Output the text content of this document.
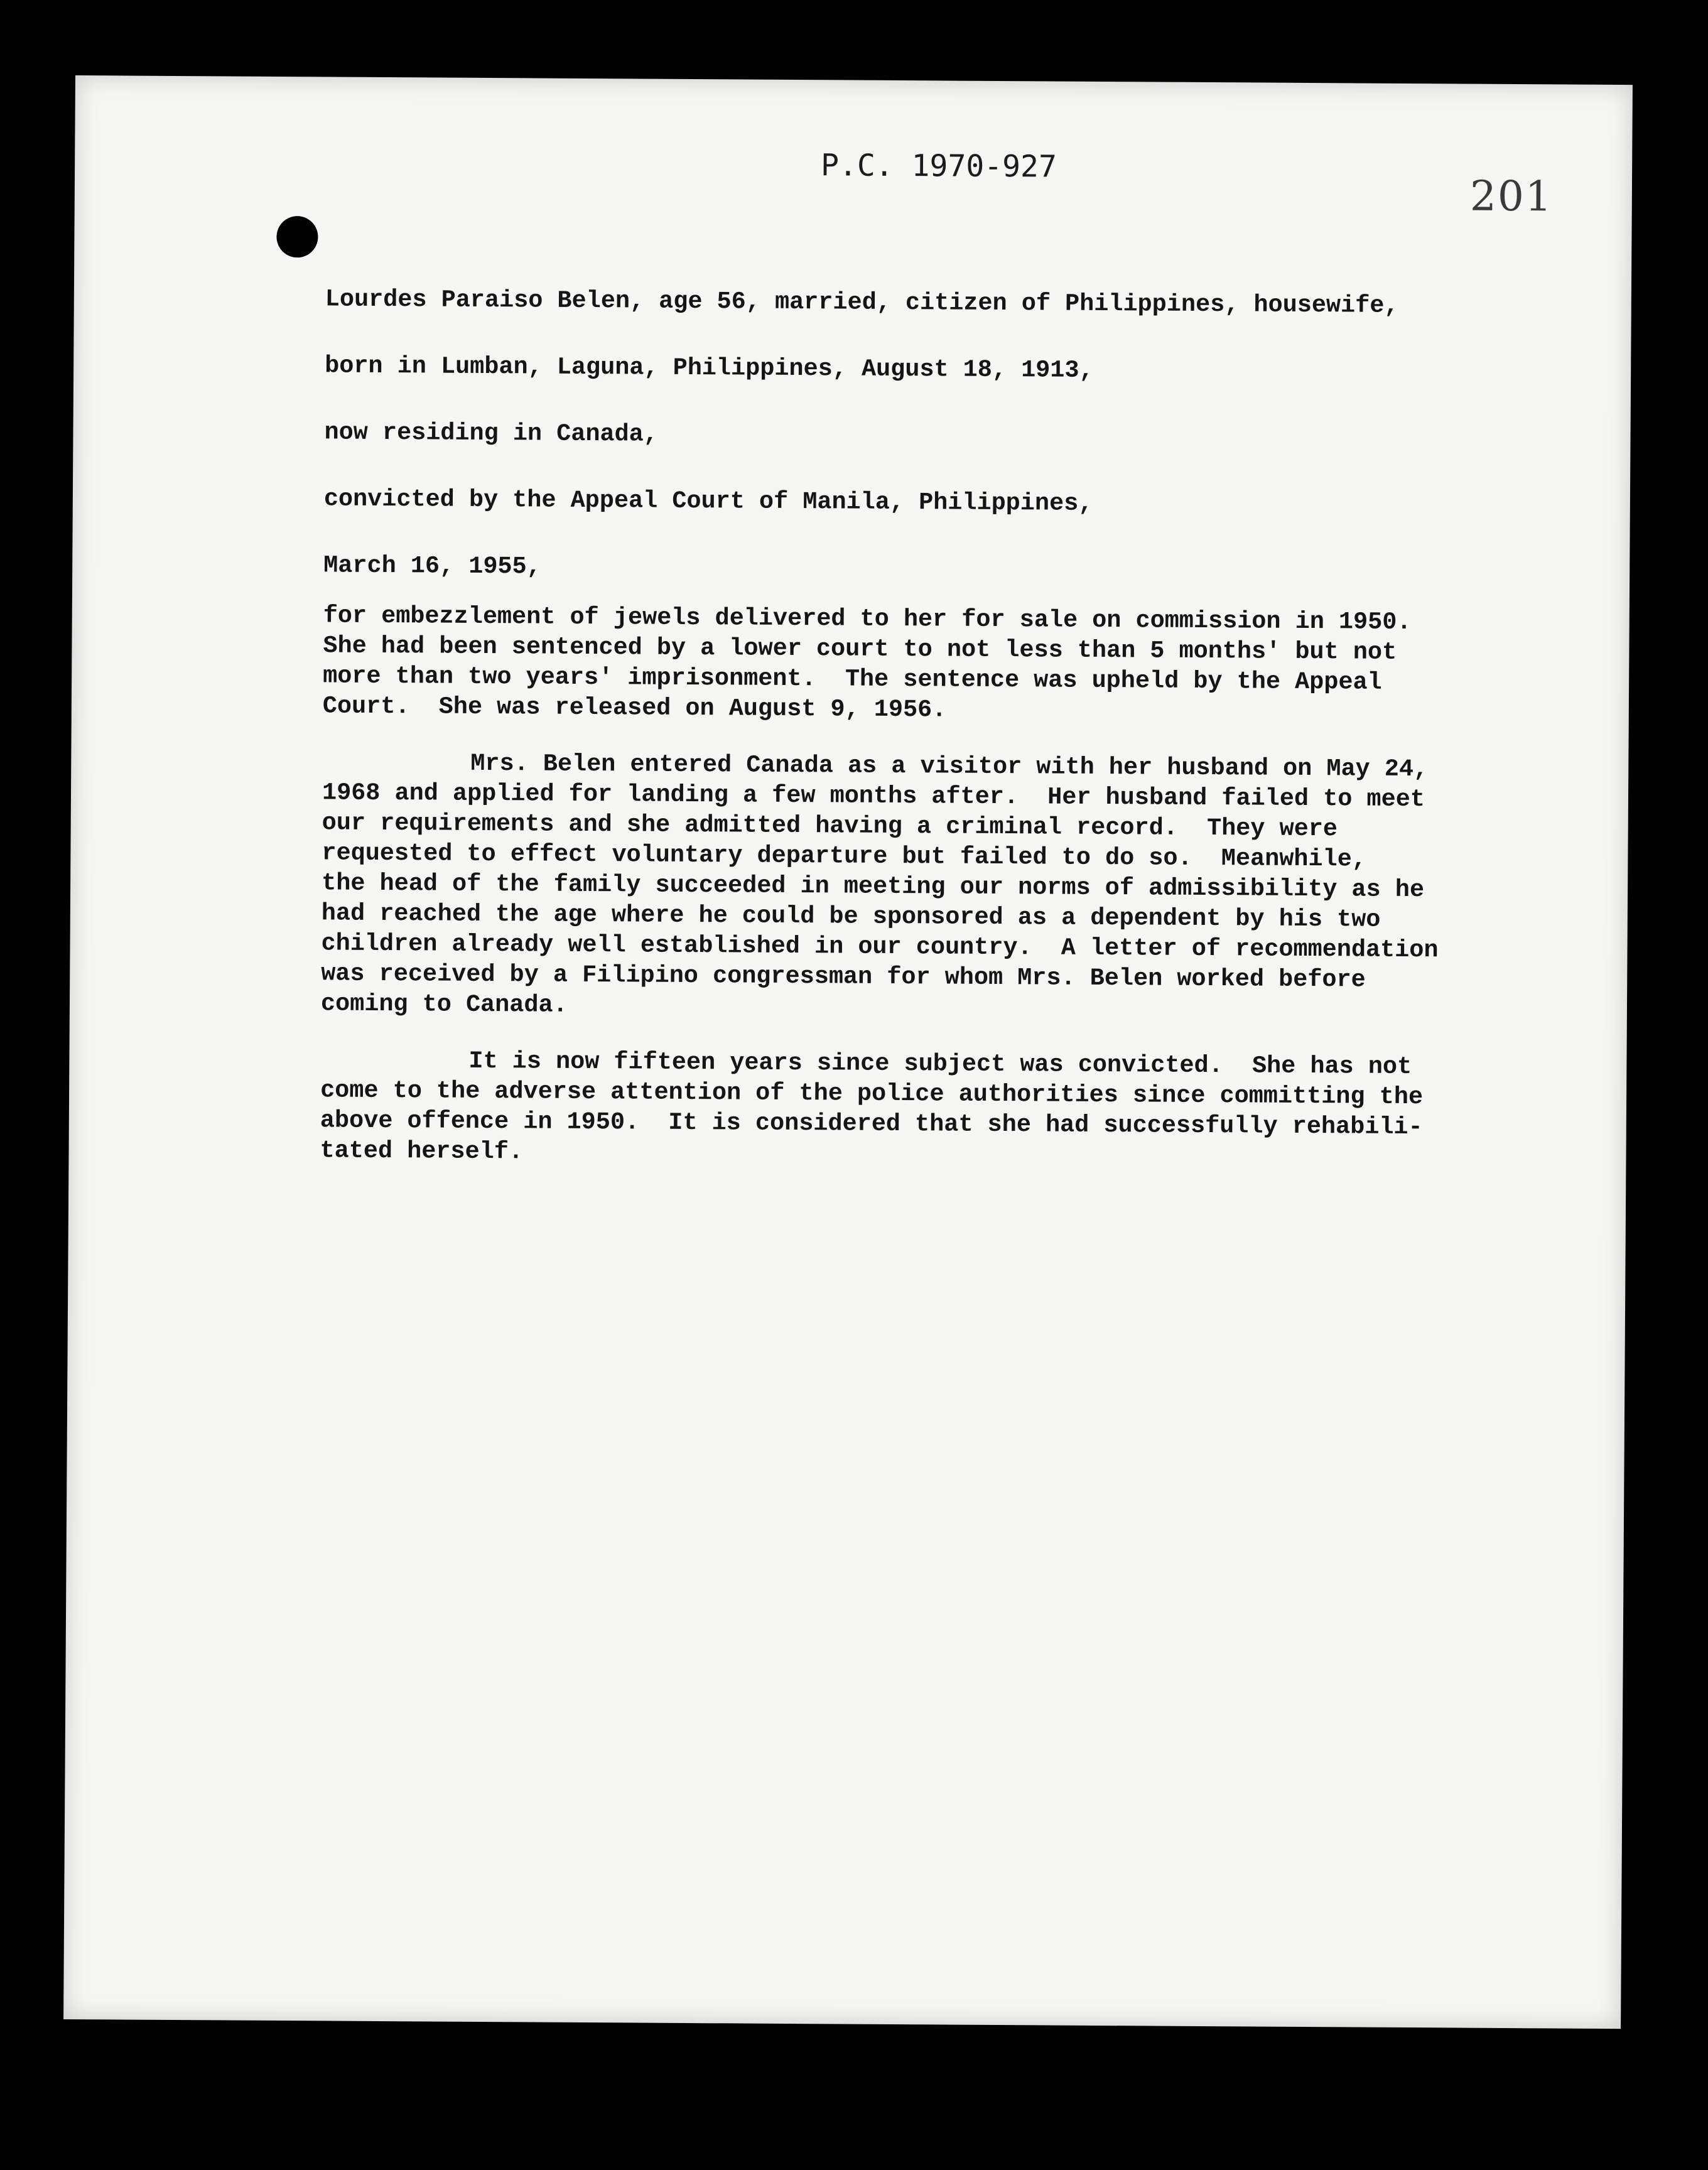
P.C. 1970-927
201
Lourdes Paraiso Belen, age 56, married, citizen of Philippines, housewife,
born in Lumban, Laguna, Philippines, August 18, 1913,
now residing in Canada,
convicted by the Appeal Court of Manila, Philippines,
March 16, 1955,
for embezzlement of jewels delivered to her for sale on commission in 1950.
She had been sentenced by a lower court to not less than 5 months' but not
more than two years' imprisonment.  The sentence was upheld by the Appeal
Court.  She was released on August 9, 1956.
Mrs. Belen entered Canada as a visitor with her husband on May 24,
1968 and applied for landing a few months after.  Her husband failed to meet
our requirements and she admitted having a criminal record.  They were
requested to effect voluntary departure but failed to do so.  Meanwhile,
the head of the family succeeded in meeting our norms of admissibility as he
had reached the age where he could be sponsored as a dependent by his two
children already well established in our country.  A letter of recommendation
was received by a Filipino congressman for whom Mrs. Belen worked before
coming to Canada.
It is now fifteen years since subject was convicted.  She has not
come to the adverse attention of the police authorities since committing the
above offence in 1950.  It is considered that she had successfully rehabili-
tated herself.
